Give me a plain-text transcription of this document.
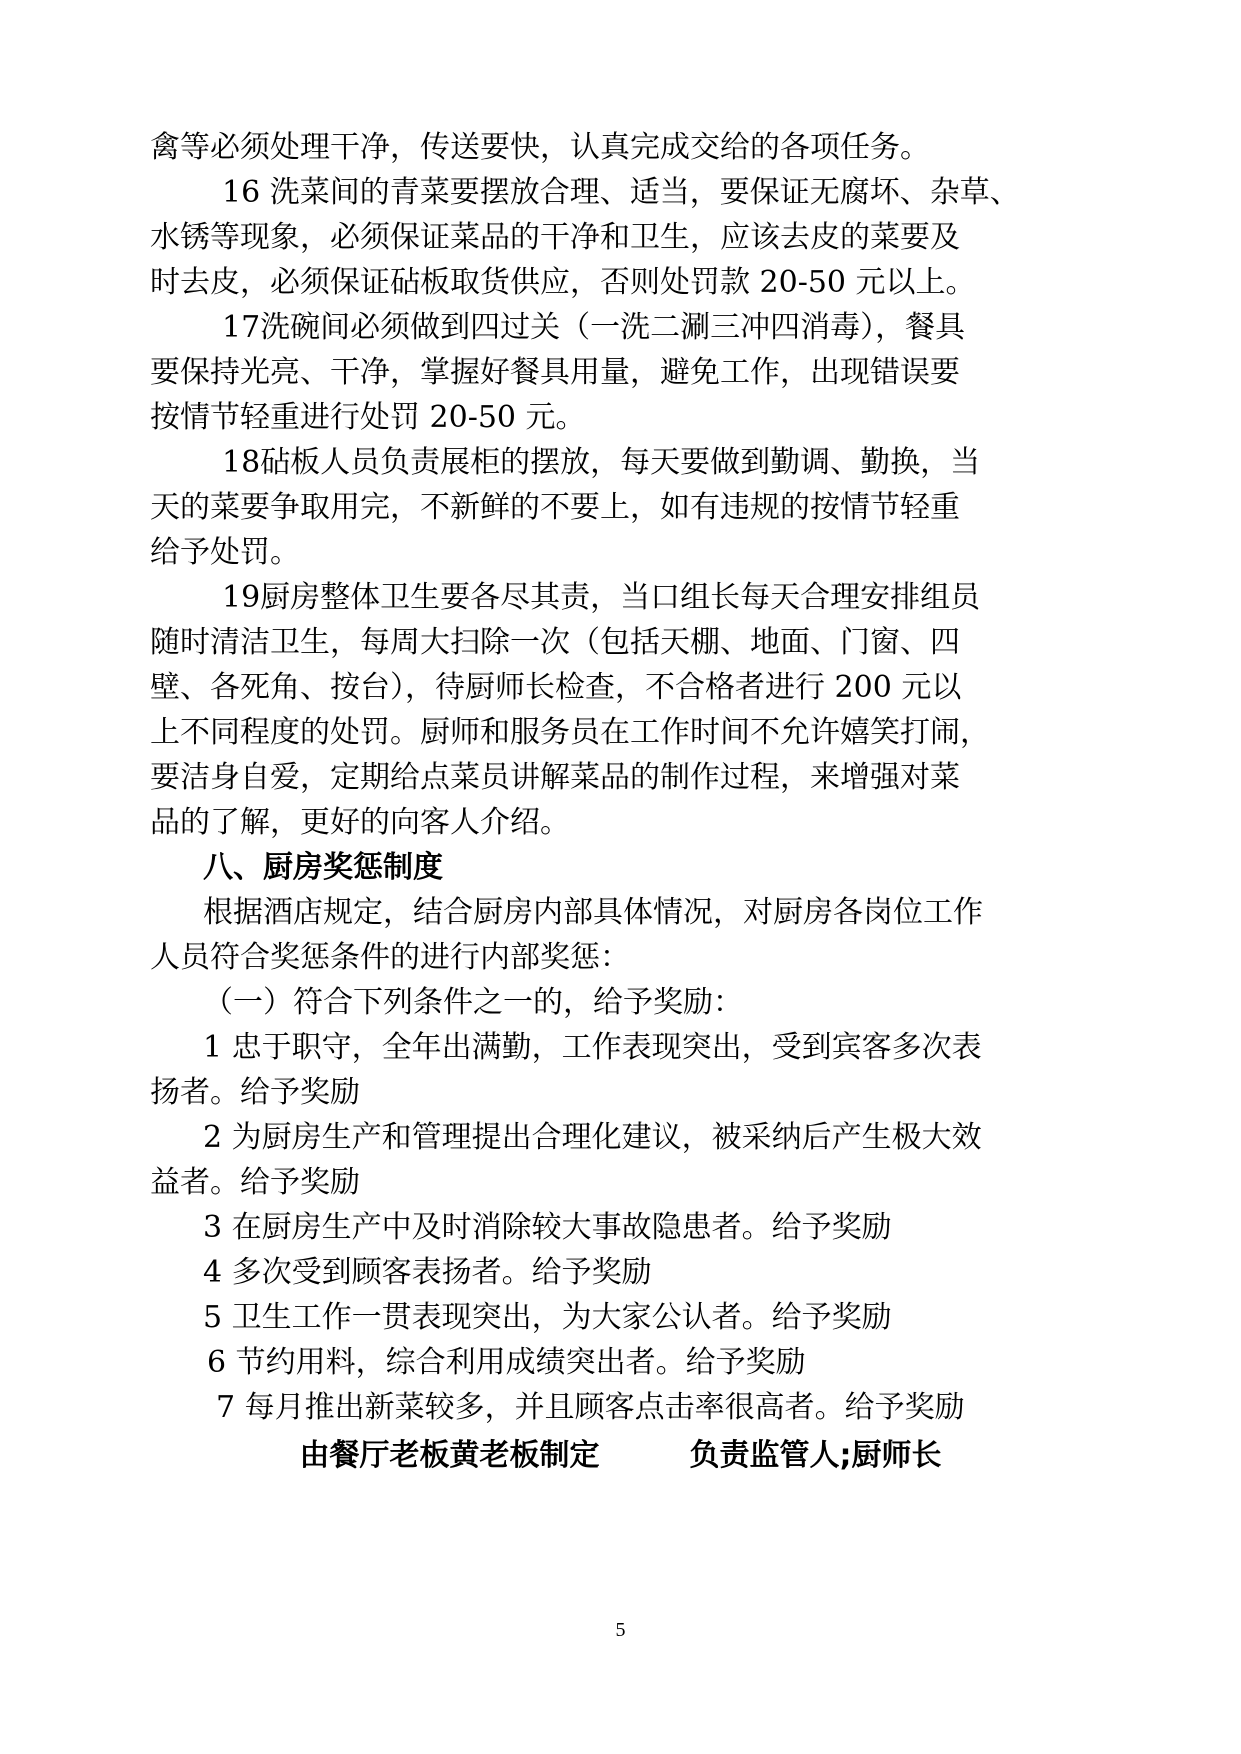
禽等必须处理干净，传送要快，认真完成交给的各项任务。
16 洗菜间的青菜要摆放合理、适当，要保证无腐坏、杂草、
水锈等现象，必须保证菜品的干净和卫生，应该去皮的菜要及
时去皮，必须保证砧板取货供应，否则处罚款 20-50 元以上。
17洗碗间必须做到四过关（一洗二涮三冲四消毒），餐具
要保持光亮、干净，掌握好餐具用量，避免工作，出现错误要
按情节轻重进行处罚 20-50 元。
18砧板人员负责展柜的摆放，每天要做到勤调、勤换，当
天的菜要争取用完，不新鲜的不要上，如有违规的按情节轻重
给予处罚。
19厨房整体卫生要各尽其责，当口组长每天合理安排组员
随时清洁卫生，每周大扫除一次（包括天棚、地面、门窗、四
壁、各死角、按台），待厨师长检查，不合格者进行 200 元以
上不同程度的处罚。厨师和服务员在工作时间不允许嬉笑打闹，
要洁身自爱，定期给点菜员讲解菜品的制作过程，来增强对菜
品的了解，更好的向客人介绍。
八、厨房奖惩制度
根据酒店规定，结合厨房内部具体情况，对厨房各岗位工作
人员符合奖惩条件的进行内部奖惩：
（一）符合下列条件之一的，给予奖励：
1 忠于职守，全年出满勤，工作表现突出，受到宾客多次表
扬者。给予奖励
2 为厨房生产和管理提出合理化建议，被采纳后产生极大效
益者。给予奖励
3 在厨房生产中及时消除较大事故隐患者。给予奖励
4 多次受到顾客表扬者。给予奖励
5 卫生工作一贯表现突出，为大家公认者。给予奖励
6 节约用料，综合利用成绩突出者。给予奖励
7 每月推出新菜较多，并且顾客点击率很高者。给予奖励
由餐厅老板黄老板制定　　　负责监管人;厨师长
5
